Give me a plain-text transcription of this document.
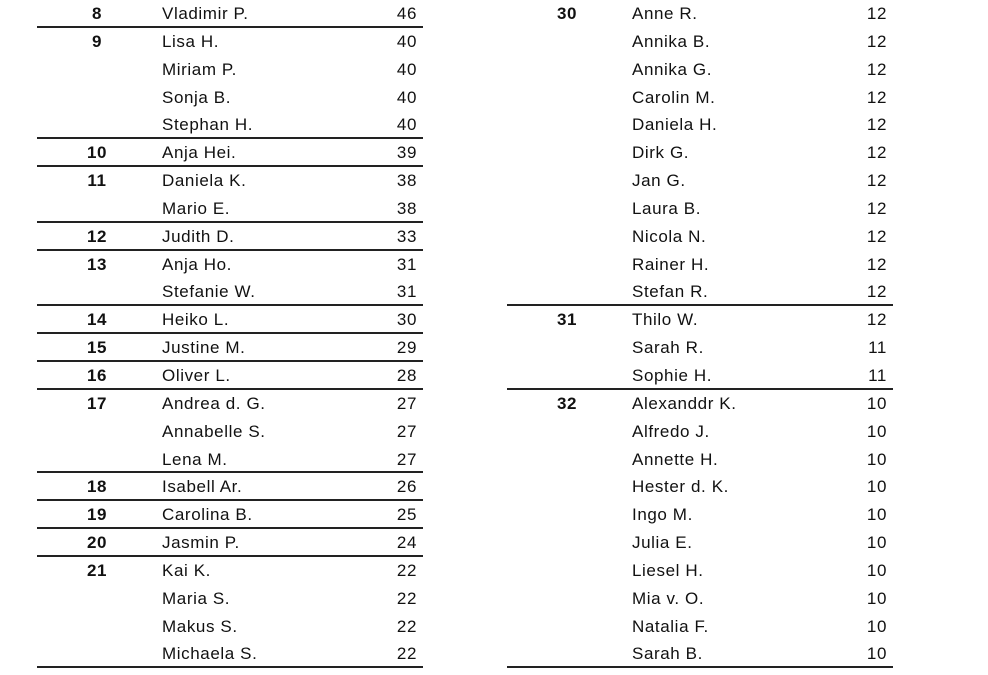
8	Vladimir P.	46
9	Lisa H.	40
Miriam P.	40
Sonja B.	40
Stephan H.	40
10	Anja Hei.	39
11	Daniela K.	38
Mario E.	38
12	Judith D.	33
13	Anja Ho.	31
Stefanie W.	31
14	Heiko L.	30
15	Justine M.	29
16	Oliver L.	28
17	Andrea d. G.	27
Annabelle S.	27
Lena M.	27
18	Isabell Ar.	26
19	Carolina B.	25
20	Jasmin P.	24
21	Kai K.	22
Maria S.	22
Makus S.	22
Michaela S.	22
30	Anne R.	12
Annika B.	12
Annika G.	12
Carolin M.	12
Daniela H.	12
Dirk G.	12
Jan G.	12
Laura B.	12
Nicola N.	12
Rainer H.	12
Stefan R.	12
31	Thilo W.	12
Sarah R.	11
Sophie H.	11
32	Alexanddr K.	10
Alfredo J.	10
Annette H.	10
Hester d. K.	10
Ingo M.	10
Julia E.	10
Liesel H.	10
Mia v. O.	10
Natalia F.	10
Sarah B.	10
